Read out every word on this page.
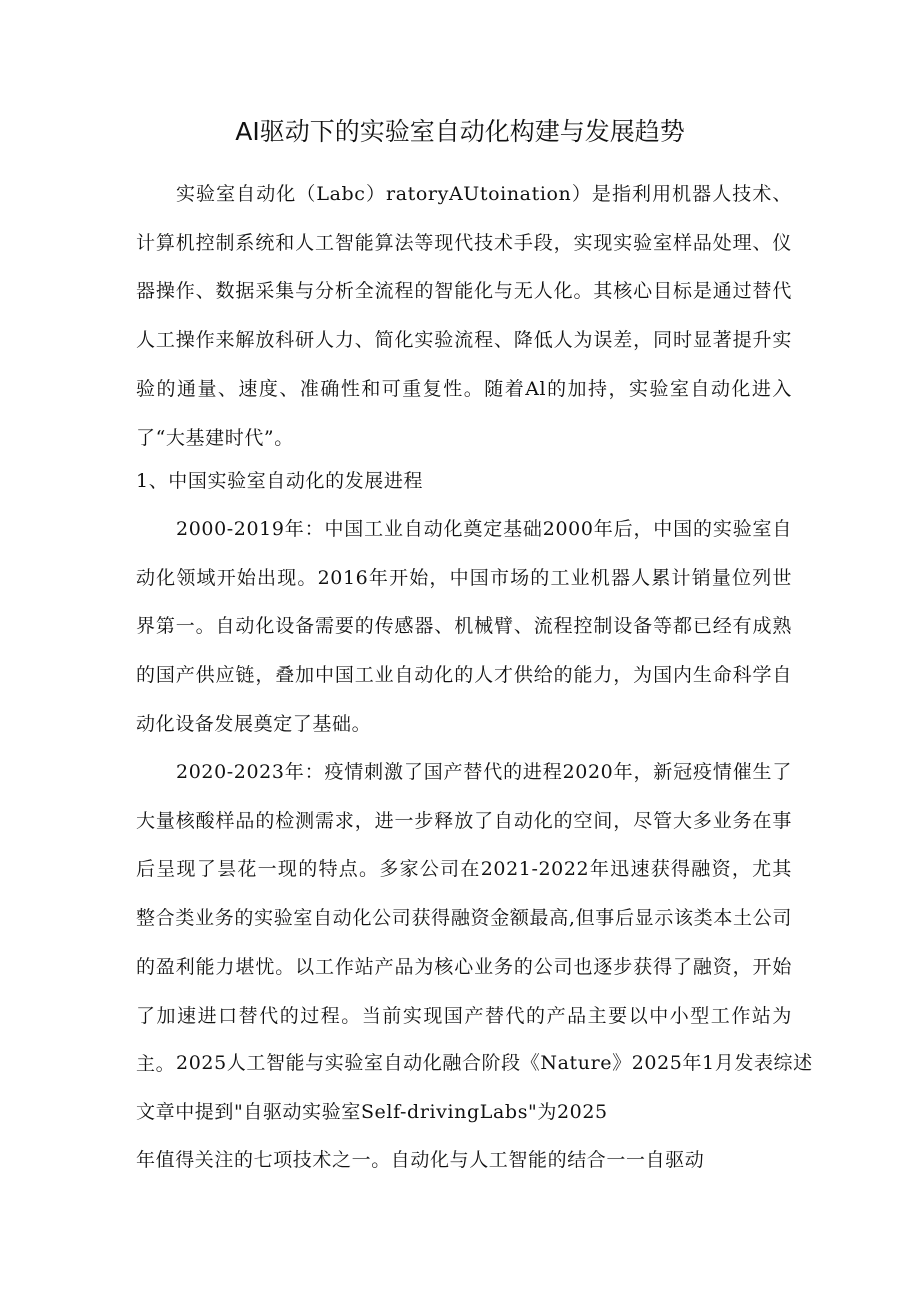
AI驱动下的实验室自动化构建与发展趋势
实验室自动化（Labc）ratoryAUtoination）是指利用机器人技术、计算机控制系统和人工智能算法等现代技术手段，实现实验室样品处理、仪器操作、数据采集与分析全流程的智能化与无人化。其核心目标是通过替代人工操作来解放科研人力、简化实验流程、降低人为误差，同时显著提升实验的通量、速度、准确性和可重复性。随着Al的加持，实验室自动化进入了“大基建时代”。
1、中国实验室自动化的发展进程
2000-2019年：中国工业自动化奠定基础2000年后，中国的实验室自动化领域开始出现。2016年开始，中国市场的工业机器人累计销量位列世界第一。自动化设备需要的传感器、机械臂、流程控制设备等都已经有成熟的国产供应链，叠加中国工业自动化的人才供给的能力，为国内生命科学自动化设备发展奠定了基础。
2020-2023年：疫情刺激了国产替代的进程2020年，新冠疫情催生了大量核酸样品的检测需求，进一步释放了自动化的空间，尽管大多业务在事后呈现了昙花一现的特点。多家公司在2021-2022年迅速获得融资，尤其整合类业务的实验室自动化公司获得融资金额最高,但事后显示该类本土公司的盈利能力堪忧。以工作站产品为核心业务的公司也逐步获得了融资，开始了加速进口替代的过程。当前实现国产替代的产品主要以中小型工作站为主。 2025人工智能与实验室自动化融合阶段《Nature》2025年1月发表综述
文章中提到"自驱动实验室Self-drivingLabs"为2025
年值得关注的七项技术之一。自动化与人工智能的结合一一自驱动
